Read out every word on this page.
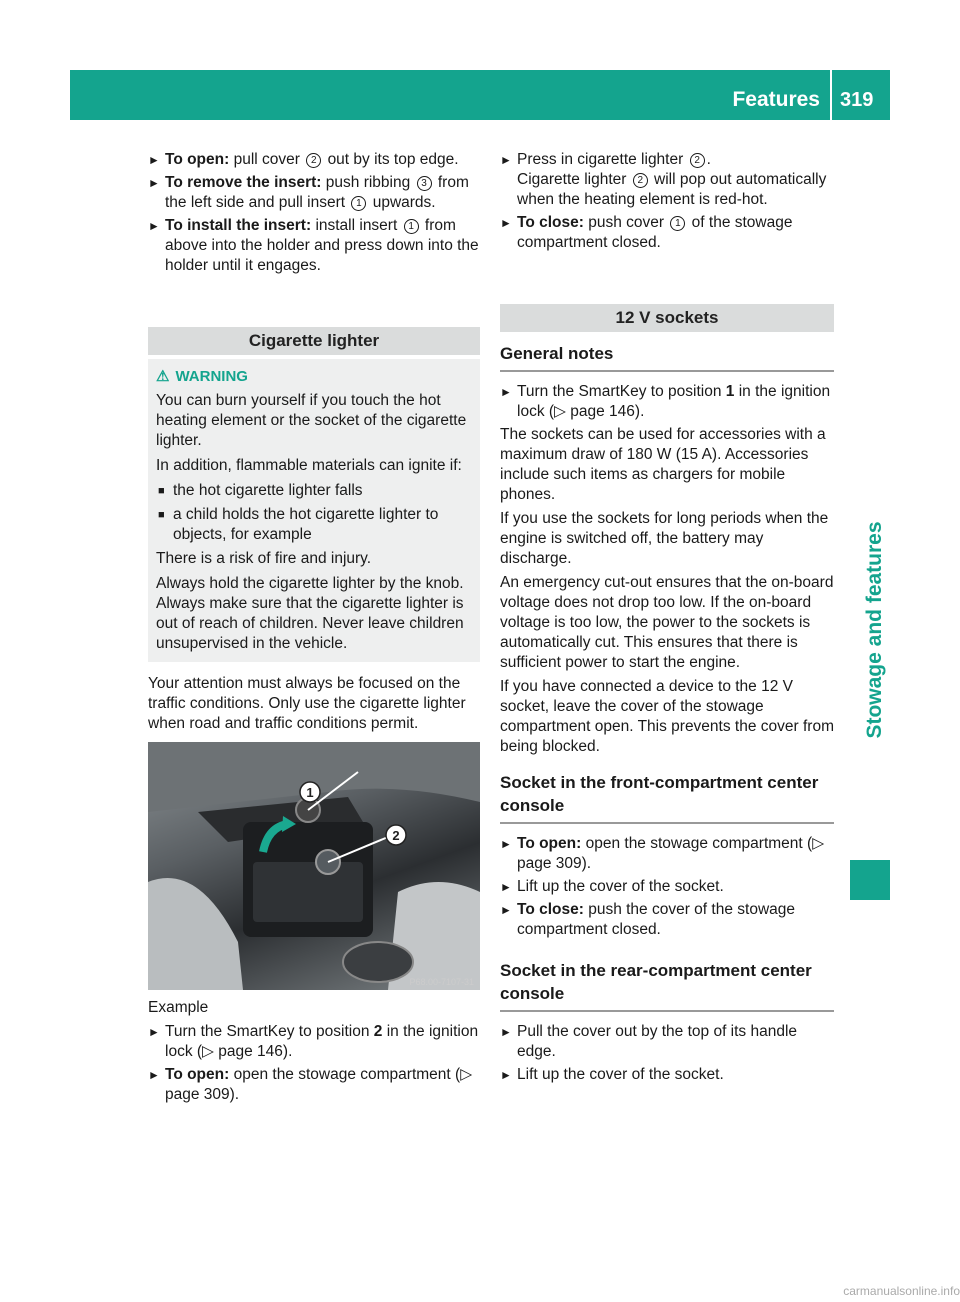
Features 319
Stowage and features
► To open: pull cover 2 out by its top edge.
► To remove the insert: push ribbing 3 from the left side and pull insert 1 upwards.
► To install the insert: install insert 1 from above into the holder and press down into the holder until it engages.
Cigarette lighter
⚠ WARNING
You can burn yourself if you touch the hot heating element or the socket of the cigarette lighter.
In addition, flammable materials can ignite if:
■ the hot cigarette lighter falls
■ a child holds the hot cigarette lighter to objects, for example
There is a risk of fire and injury.
Always hold the cigarette lighter by the knob. Always make sure that the cigarette lighter is out of reach of children. Never leave children unsupervised in the vehicle.
Your attention must always be focused on the traffic conditions. Only use the cigarette lighter when road and traffic conditions permit.
1
2
P68.00-7107-31
Example
► Turn the SmartKey to position 2 in the ignition lock (▷ page 146).
► To open: open the stowage compartment (▷ page 309).
► Press in cigarette lighter 2 .
Cigarette lighter 2 will pop out automatically when the heating element is red-hot.
► To close: push cover 1 of the stowage compartment closed.
12 V sockets
General notes
► Turn the SmartKey to position 1 in the ignition lock (▷ page 146).
The sockets can be used for accessories with a maximum draw of 180 W (15 A). Accessories include such items as chargers for mobile phones.
If you use the sockets for long periods when the engine is switched off, the battery may discharge.
An emergency cut-out ensures that the on-board voltage does not drop too low. If the on-board voltage is too low, the power to the sockets is automatically cut. This ensures that there is sufficient power to start the engine.
If you have connected a device to the 12 V socket, leave the cover of the stowage compartment open. This prevents the cover from being blocked.
Socket in the front-compartment center console
► To open: open the stowage compartment (▷ page 309).
► Lift up the cover of the socket.
► To close: push the cover of the stowage compartment closed.
Socket in the rear-compartment center console
► Pull the cover out by the top of its handle edge.
► Lift up the cover of the socket.
carmanualsonline.info
